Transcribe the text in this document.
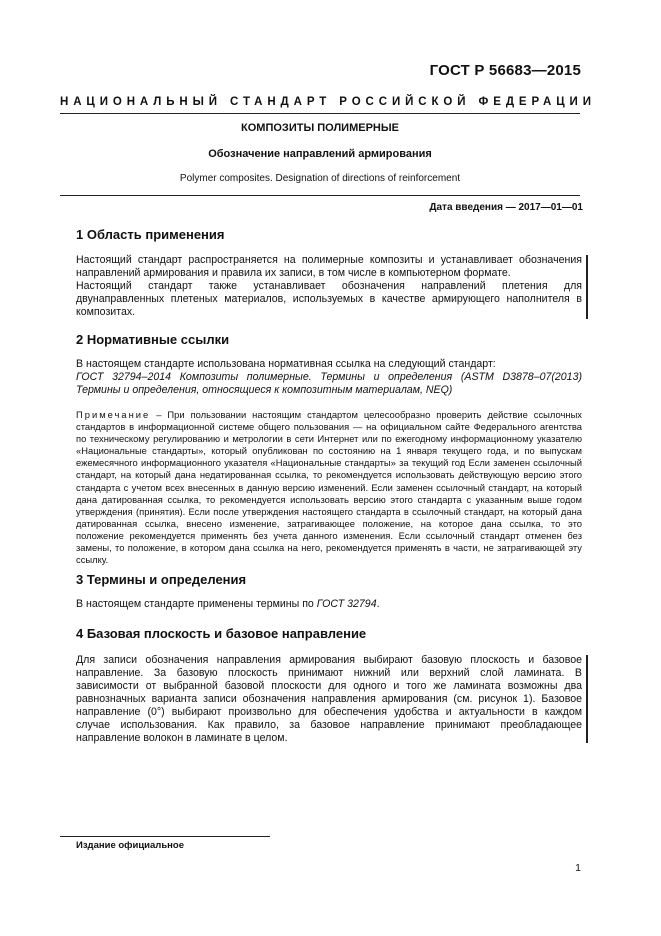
ГОСТ Р 56683—2015
НАЦИОНАЛЬНЫЙ СТАНДАРТ РОССИЙСКОЙ ФЕДЕРАЦИИ
КОМПОЗИТЫ ПОЛИМЕРНЫЕ
Обозначение направлений армирования
Polymer composites. Designation of directions of reinforcement
Дата введения — 2017—01—01
1 Область применения
Настоящий стандарт распространяется на полимерные композиты и устанавливает обозначения
направлений армирования и правила их записи, в том числе в компьютерном формате.
Настоящий стандарт также устанавливает обозначения направлений плетения для
двунаправленных плетеных материалов, используемых в качестве армирующего наполнителя в
композитах.
2 Нормативные ссылки
В настоящем стандарте использована нормативная ссылка на следующий стандарт:
ГОСТ 32794–2014 Композиты полимерные. Термины и определения (ASTM D3878–07(2013)
Термины и определения, относящиеся к композитным материалам, NEQ)
Примечание – При пользовании настоящим стандартом целесообразно проверить действие ссылочных
стандартов в информационной системе общего пользования — на официальном сайте Федерального агентства
по техническому регулированию и метрологии в сети Интернет или по ежегодному информационному указателю
«Национальные стандарты», который опубликован по состоянию на 1 января текущего года, и по выпускам
ежемесячного информационного указателя «Национальные стандарты» за текущий год Если заменен ссылочный
стандарт, на который дана недатированная ссылка, то рекомендуется использовать действующую версию этого
стандарта с учетом всех внесенных в данную версию изменений. Если заменен ссылочный стандарт, на который
дана датированная ссылка, то рекомендуется использовать версию этого стандарта с указанным выше годом
утверждения (принятия). Если после утверждения настоящего стандарта в ссылочный стандарт, на который дана
датированная ссылка, внесено изменение, затрагивающее положение, на которое дана ссылка, то это
положение рекомендуется применять без учета данного изменения. Если ссылочный стандарт отменен без
замены, то положение, в котором дана ссылка на него, рекомендуется применять в части, не затрагивающей эту
ссылку.
3 Термины и определения
В настоящем стандарте применены термины по ГОСТ 32794.
4 Базовая плоскость и базовое направление
Для записи обозначения направления армирования выбирают базовую плоскость и базовое
направление. За базовую плоскость принимают нижний или верхний слой ламината. В
зависимости от выбранной базовой плоскости для одного и того же ламината возможны два
равнозначных варианта записи обозначения направления армирования (см. рисунок 1). Базовое
направление (0°) выбирают произвольно для обеспечения удобства и актуальности в каждом
случае использования. Как правило, за базовое направление принимают преобладающее
направление волокон в ламинате в целом.
Издание официальное
1
